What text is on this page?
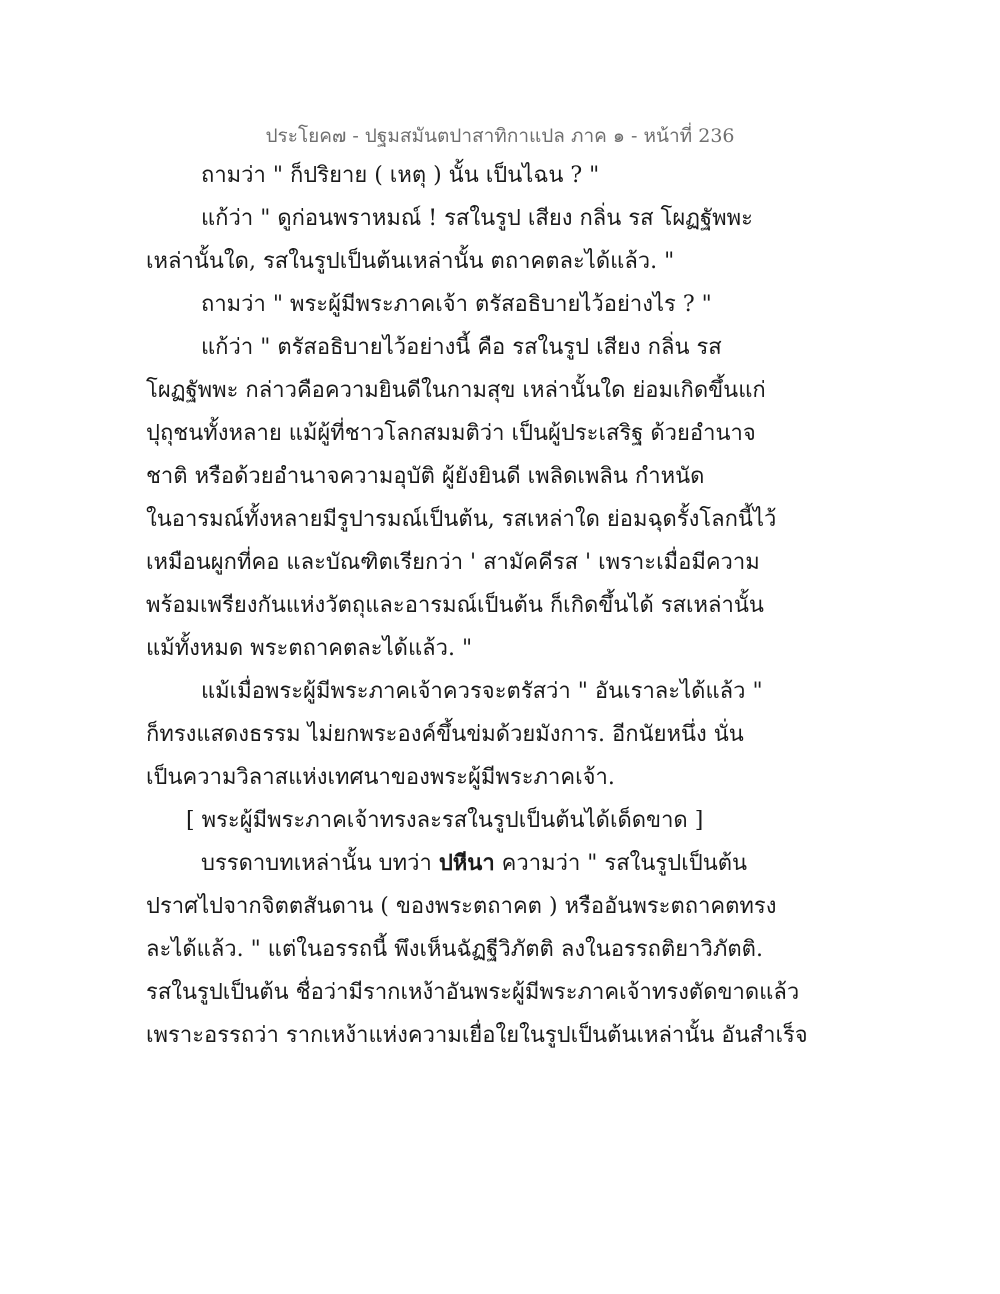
ประโยค๗ - ปฐมสมันตปาสาทิกาแปล ภาค ๑ - หน้าที่ 236
ถามว่า " ก็ปริยาย ( เหตุ ) นั้น เป็นไฉน ? "
แก้ว่า " ดูก่อนพราหมณ์ ! รสในรูป เสียง กลิ่น รส โผฏฐัพพะ
เหล่านั้นใด, รสในรูปเป็นต้นเหล่านั้น ตถาคตละได้แล้ว. "
ถามว่า " พระผู้มีพระภาคเจ้า ตรัสอธิบายไว้อย่างไร ? "
แก้ว่า " ตรัสอธิบายไว้อย่างนี้ คือ รสในรูป เสียง กลิ่น รส
โผฏฐัพพะ กล่าวคือความยินดีในกามสุข เหล่านั้นใด ย่อมเกิดขึ้นแก่
ปุถุชนทั้งหลาย แม้ผู้ที่ชาวโลกสมมติว่า เป็นผู้ประเสริฐ ด้วยอำนาจ
ชาติ หรือด้วยอำนาจความอุบัติ ผู้ยังยินดี เพลิดเพลิน กำหนัด
ในอารมณ์ทั้งหลายมีรูปารมณ์เป็นต้น, รสเหล่าใด ย่อมฉุดรั้งโลกนี้ไว้
เหมือนผูกที่คอ และบัณฑิตเรียกว่า ' สามัคคีรส ' เพราะเมื่อมีความ
พร้อมเพรียงกันแห่งวัตถุและอารมณ์เป็นต้น ก็เกิดขึ้นได้ รสเหล่านั้น
แม้ทั้งหมด พระตถาคตละได้แล้ว. "
แม้เมื่อพระผู้มีพระภาคเจ้าควรจะตรัสว่า " อันเราละได้แล้ว "
ก็ทรงแสดงธรรม ไม่ยกพระองค์ขึ้นข่มด้วยมังการ. อีกนัยหนึ่ง นั่น
เป็นความวิลาสแห่งเทศนาของพระผู้มีพระภาคเจ้า.
[ พระผู้มีพระภาคเจ้าทรงละรสในรูปเป็นต้นได้เด็ดขาด ]
บรรดาบทเหล่านั้น บทว่า ปหีนา ความว่า " รสในรูปเป็นต้น
ปราศไปจากจิตตสันดาน ( ของพระตถาคต ) หรืออันพระตถาคตทรง
ละได้แล้ว. " แต่ในอรรถนี้ พึงเห็นฉัฏฐีวิภัตติ ลงในอรรถติยาวิภัตติ.
รสในรูปเป็นต้น ชื่อว่ามีรากเหง้าอันพระผู้มีพระภาคเจ้าทรงตัดขาดแล้ว
เพราะอรรถว่า รากเหง้าแห่งความเยื่อใยในรูปเป็นต้นเหล่านั้น อันสำเร็จ
